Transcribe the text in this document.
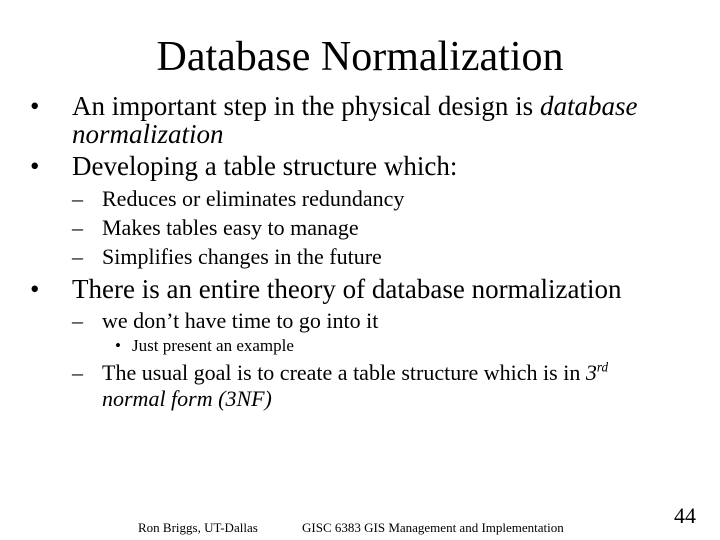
Database Normalization
• An important step in the physical design is database
normalization
• Developing a table structure which:
– Reduces or eliminates redundancy
– Makes tables easy to manage
– Simplifies changes in the future
• There is an entire theory of database normalization
– we don’t have time to go into it
• Just present an example
– The usual goal is to create a table structure which is in 3rd
normal form (3NF)
Ron Briggs, UT-Dallas	GISC 6383 GIS Management and Implementation	44
